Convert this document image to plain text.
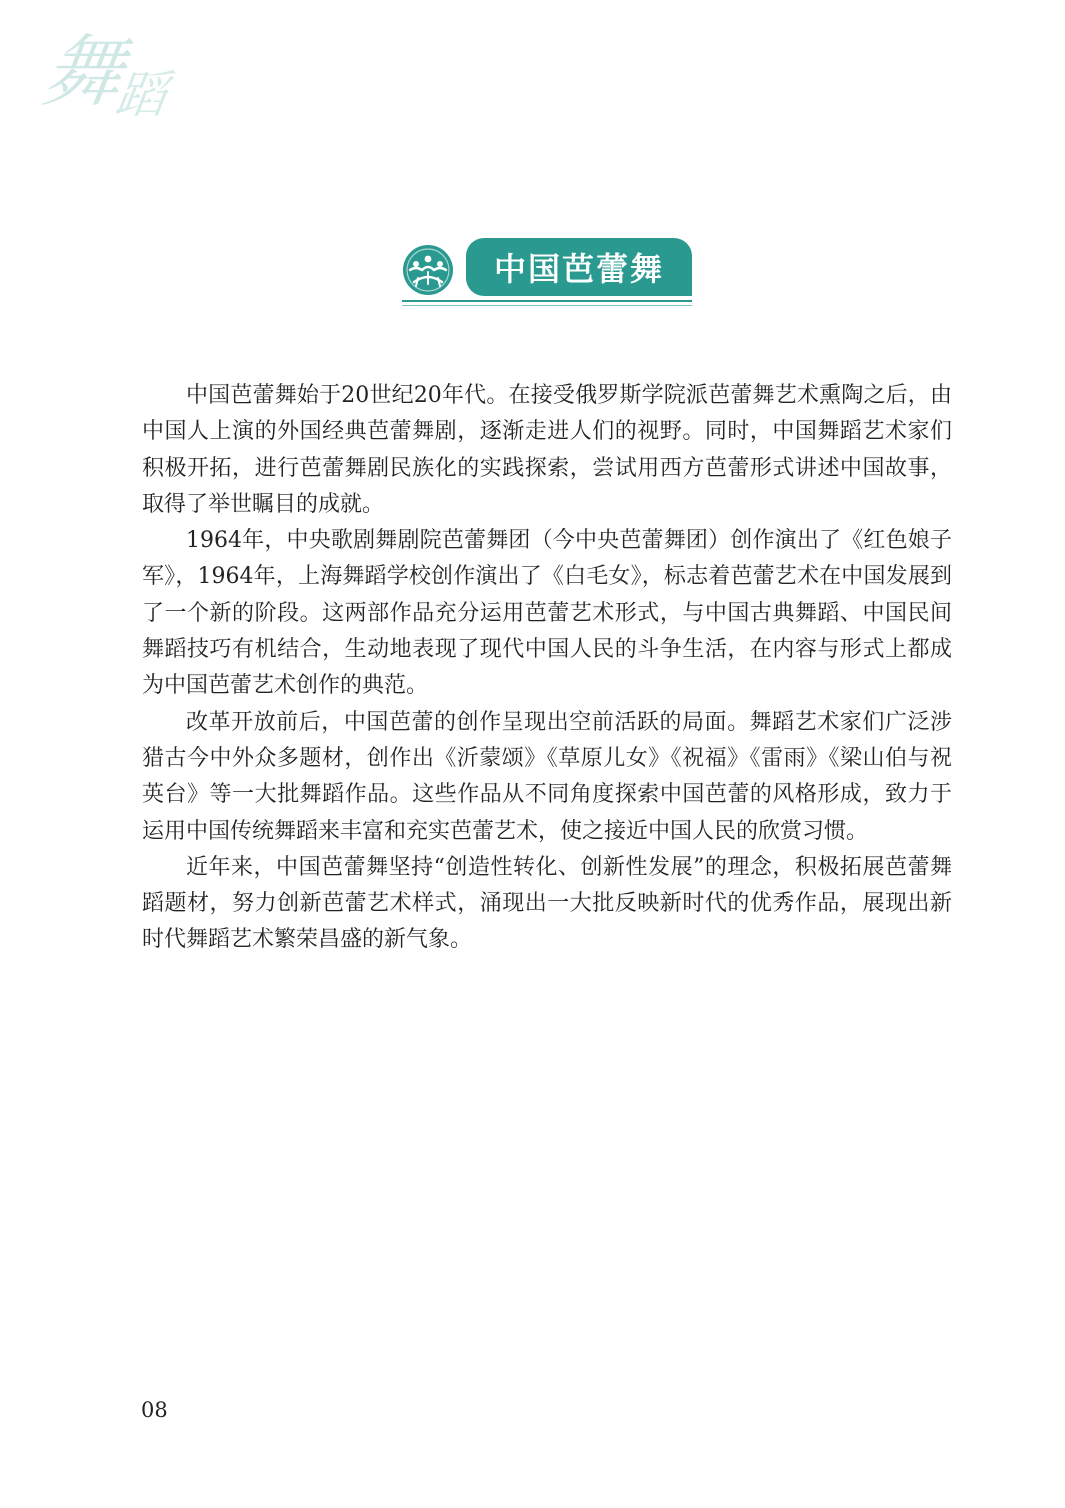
舞
蹈
中国芭蕾舞

中国芭蕾舞始于20世纪20年代。在接受俄罗斯学院派芭蕾舞艺术熏陶之后，由中国人上演的外国经典芭蕾舞剧，逐渐走进人们的视野。同时，中国舞蹈艺术家们积极开拓，进行芭蕾舞剧民族化的实践探索，尝试用西方芭蕾形式讲述中国故事，取得了举世瞩目的成就。

1964年，中央歌剧舞剧院芭蕾舞团（今中央芭蕾舞团）创作演出了《红色娘子军》，1964年，上海舞蹈学校创作演出了《白毛女》，标志着芭蕾艺术在中国发展到了一个新的阶段。这两部作品充分运用芭蕾艺术形式，与中国古典舞蹈、中国民间舞蹈技巧有机结合，生动地表现了现代中国人民的斗争生活，在内容与形式上都成为中国芭蕾艺术创作的典范。

改革开放前后，中国芭蕾的创作呈现出空前活跃的局面。舞蹈艺术家们广泛涉猎古今中外众多题材，创作出《沂蒙颂》《草原儿女》《祝福》《雷雨》《梁山伯与祝英台》等一大批舞蹈作品。这些作品从不同角度探索中国芭蕾的风格形成，致力于运用中国传统舞蹈来丰富和充实芭蕾艺术，使之接近中国人民的欣赏习惯。

近年来，中国芭蕾舞坚持“创造性转化、创新性发展”的理念，积极拓展芭蕾舞蹈题材，努力创新芭蕾艺术样式，涌现出一大批反映新时代的优秀作品，展现出新时代舞蹈艺术繁荣昌盛的新气象。

08
